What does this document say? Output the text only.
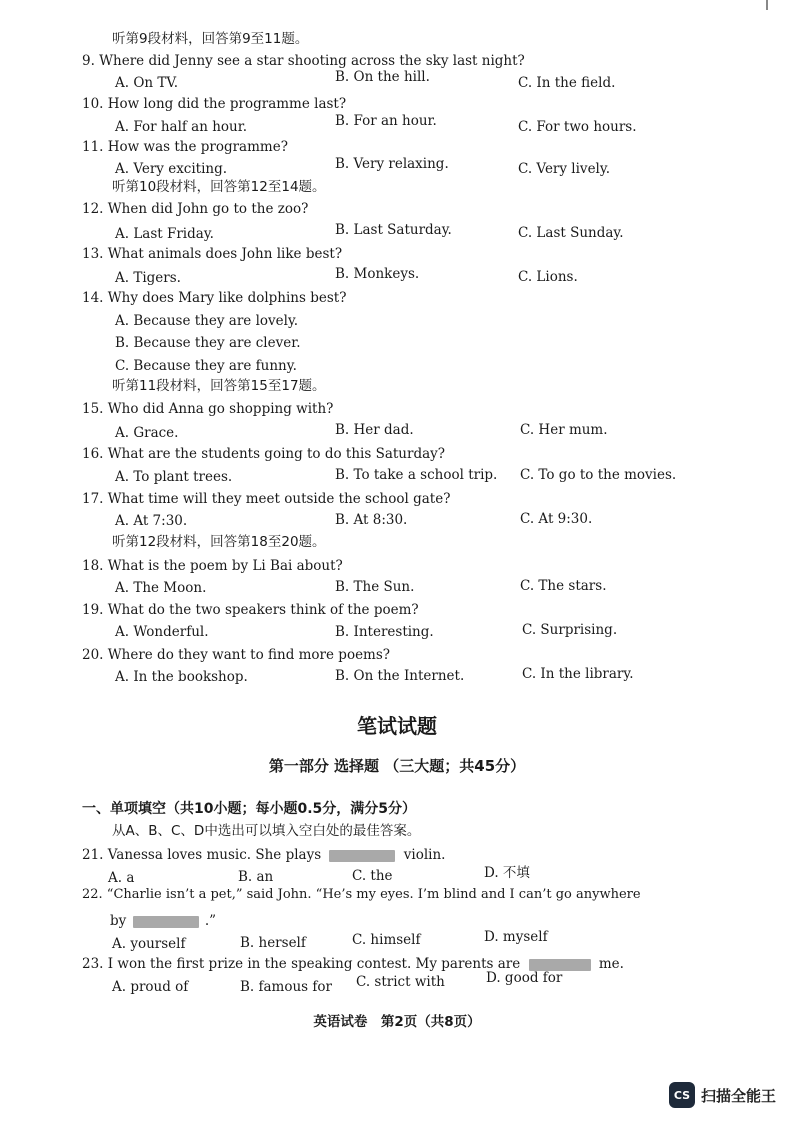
听第9段材料，回答第9至11题。
9. Where did Jenny see a star shooting across the sky last night?
A. On TV.	B. On the hill.	C. In the field.
10. How long did the programme last?
A. For half an hour.	B. For an hour.	C. For two hours.
11. How was the programme?
A. Very exciting.	B. Very relaxing.	C. Very lively.
听第10段材料，回答第12至14题。
12. When did John go to the zoo?
A. Last Friday.	B. Last Saturday.	C. Last Sunday.
13. What animals does John like best?
A. Tigers.	B. Monkeys.	C. Lions.
14. Why does Mary like dolphins best?
A. Because they are lovely.
B. Because they are clever.
C. Because they are funny.
听第11段材料，回答第15至17题。
15. Who did Anna go shopping with?
A. Grace.	B. Her dad.	C. Her mum.
16. What are the students going to do this Saturday?
A. To plant trees.	B. To take a school trip. C. To go to the movies.
17. What time will they meet outside the school gate?
A. At 7:30.	B. At 8:30.	C. At 9:30.
听第12段材料，回答第18至20题。
18. What is the poem by Li Bai about?
A. The Moon.	B. The Sun.	C. The stars.
19. What do the two speakers think of the poem?
A. Wonderful.	B. Interesting.	C. Surprising.
20. Where do they want to find more poems?
A. In the bookshop.	B. On the Internet.	C. In the library.
笔试试题
第一部分 选择题 （三大题；共45分）
一、单项填空（共10小题；每小题0.5分，满分5分）
从A、B、C、D中选出可以填入空白处的最佳答案。
21. Vanessa loves music. She plays	violin.
A. a	B. an	C. the	D. 不填
22. “Charlie isn’t a pet,” said John. “He’s my eyes. I’m blind and I can’t go anywhere
by	.”
A. yourself	B. herself	C. himself	D. myself
23. I won the first prize in the speaking contest. My parents are	me.
A. proud of	B. famous for C. strict with	D. good for
英语试卷　第2页（共8页）
CS 扫描全能王
